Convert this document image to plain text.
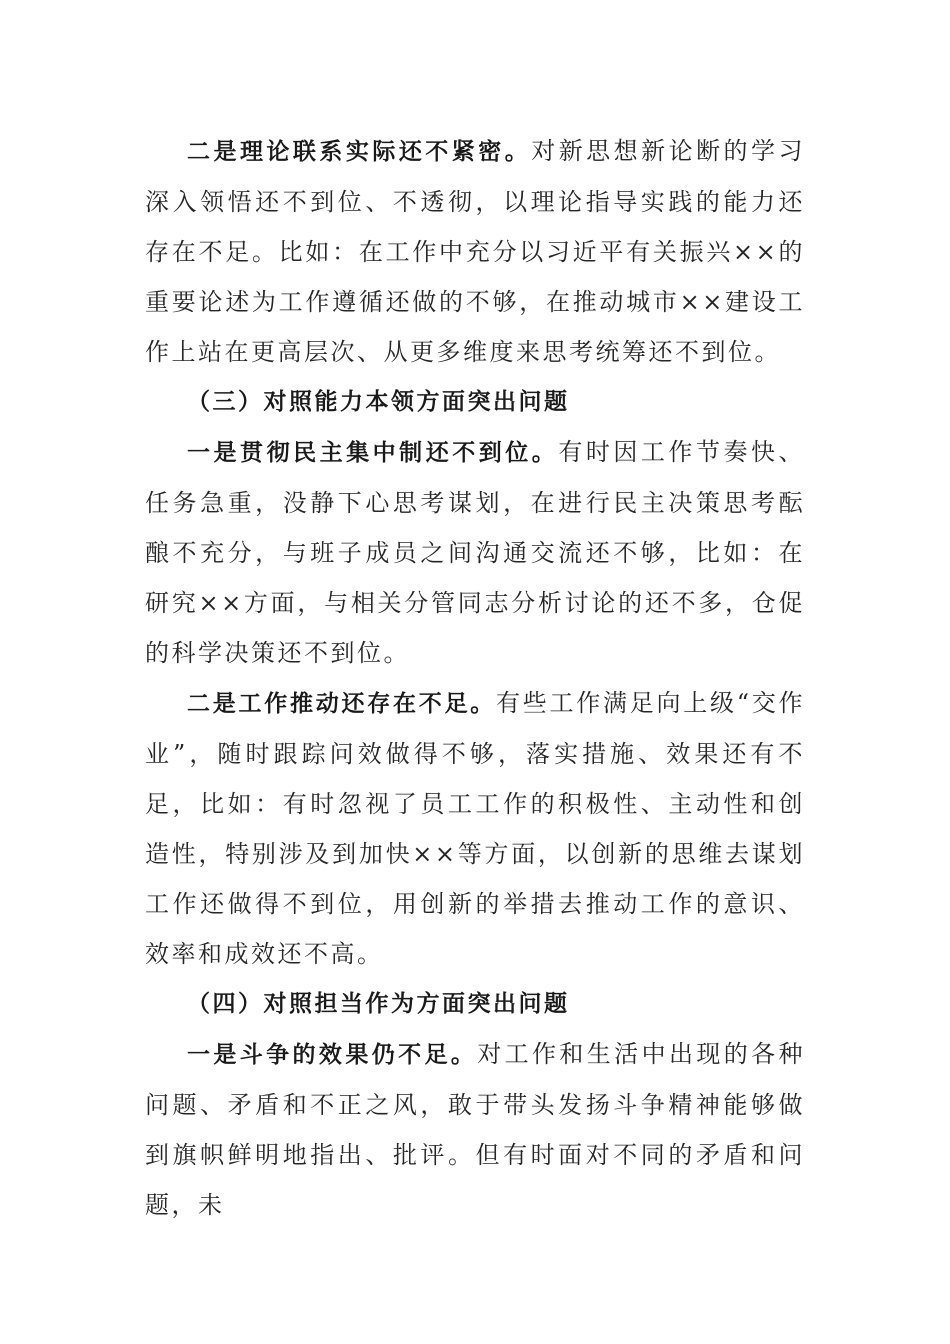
二是理论联系实际还不紧密。对新思想新论断的学习深入领悟还不到位、不透彻，以理论指导实践的能力还存在不足。比如：在工作中充分以习近平有关振兴××的重要论述为工作遵循还做的不够，在推动城市××建设工作上站在更高层次、从更多维度来思考统筹还不到位。

（三）对照能力本领方面突出问题

一是贯彻民主集中制还不到位。有时因工作节奏快、任务急重，没静下心思考谋划，在进行民主决策思考酝酿不充分，与班子成员之间沟通交流还不够，比如：在研究××方面，与相关分管同志分析讨论的还不多，仓促的科学决策还不到位。

二是工作推动还存在不足。有些工作满足向上级“交作业”，随时跟踪问效做得不够，落实措施、效果还有不足，比如：有时忽视了员工工作的积极性、主动性和创造性，特别涉及到加快××等方面，以创新的思维去谋划工作还做得不到位，用创新的举措去推动工作的意识、效率和成效还不高。

（四）对照担当作为方面突出问题

一是斗争的效果仍不足。对工作和生活中出现的各种问题、矛盾和不正之风，敢于带头发扬斗争精神能够做到旗帜鲜明地指出、批评。但有时面对不同的矛盾和问题，未
